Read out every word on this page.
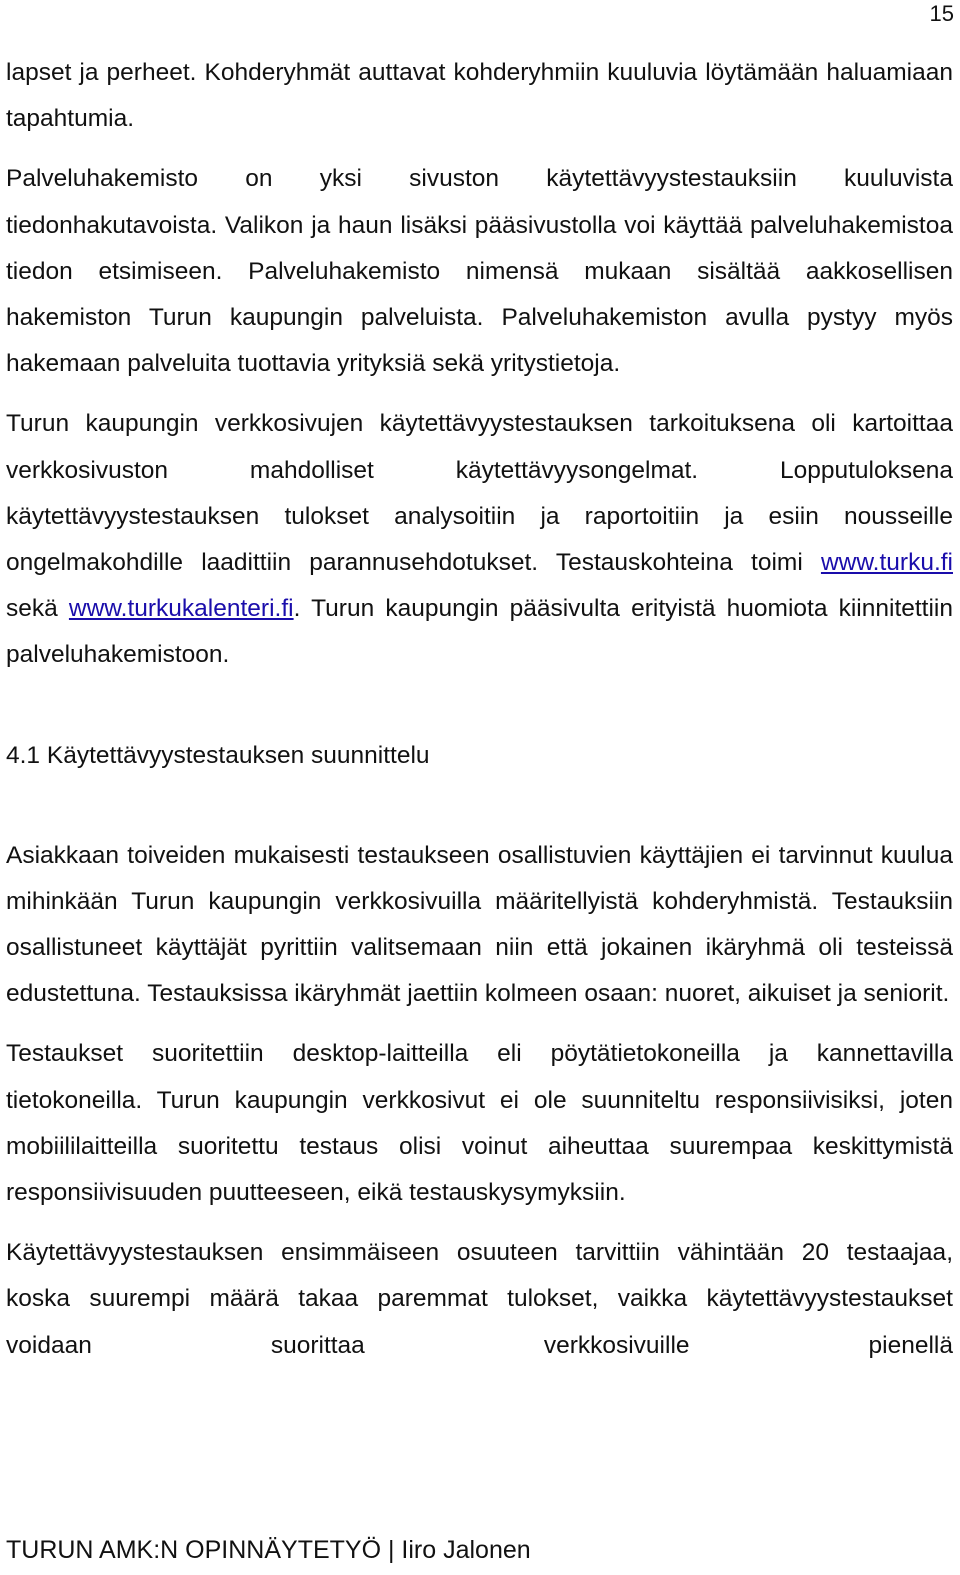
15

lapset ja perheet. Kohderyhmät auttavat kohderyhmiin kuuluvia löytämään haluamiaan tapahtumia.

Palveluhakemisto on yksi sivuston käytettävyystestauksiin kuuluvista tiedonhakutavoista. Valikon ja haun lisäksi pääsivustolla voi käyttää palveluhakemistoa tiedon etsimiseen. Palveluhakemisto nimensä mukaan sisältää aakkosellisen hakemiston Turun kaupungin palveluista. Palveluhakemiston avulla pystyy myös hakemaan palveluita tuottavia yrityksiä sekä yritystietoja.

Turun kaupungin verkkosivujen käytettävyystestauksen tarkoituksena oli kartoittaa verkkosivuston mahdolliset käytettävyysongelmat. Lopputuloksena käytettävyystestauksen tulokset analysoitiin ja raportoitiin ja esiin nousseille ongelmakohdille laadittiin parannusehdotukset. Testauskohteina toimi www.turku.fi sekä www.turkukalenteri.fi. Turun kaupungin pääsivulta erityistä huomiota kiinnitettiin palveluhakemistoon.

4.1 Käytettävyystestauksen suunnittelu

Asiakkaan toiveiden mukaisesti testaukseen osallistuvien käyttäjien ei tarvinnut kuulua mihinkään Turun kaupungin verkkosivuilla määritellyistä kohderyhmistä. Testauksiin osallistuneet käyttäjät pyrittiin valitsemaan niin että jokainen ikäryhmä oli testeissä edustettuna. Testauksissa ikäryhmät jaettiin kolmeen osaan: nuoret, aikuiset ja seniorit.

Testaukset suoritettiin desktop-laitteilla eli pöytätietokoneilla ja kannettavilla tietokoneilla. Turun kaupungin verkkosivut ei ole suunniteltu responsiivisiksi, joten mobiililaitteilla suoritettu testaus olisi voinut aiheuttaa suurempaa keskittymistä responsiivisuuden puutteeseen, eikä testauskysymyksiin.

Käytettävyystestauksen ensimmäiseen osuuteen tarvittiin vähintään 20 testaajaa, koska suurempi määrä takaa paremmat tulokset, vaikka käytettävyystestaukset voidaan suorittaa verkkosivuille pienellä

TURUN AMK:N OPINNÄYTETYÖ | Iiro Jalonen
